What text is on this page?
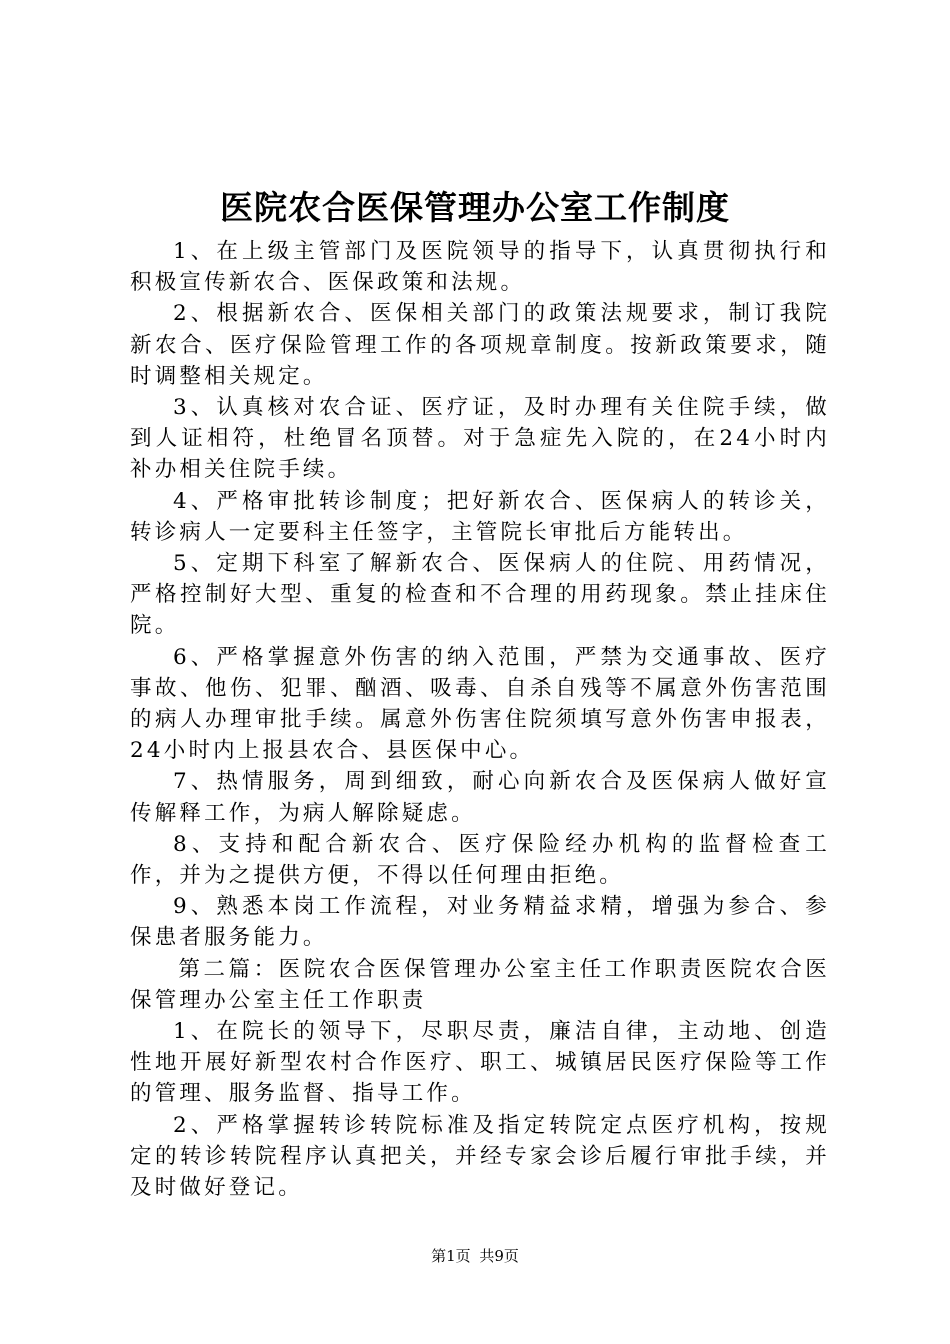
医院农合医保管理办公室工作制度

1、在上级主管部门及医院领导的指导下，认真贯彻执行和积极宣传新农合、医保政策和法规。

2、根据新农合、医保相关部门的政策法规要求，制订我院新农合、医疗保险管理工作的各项规章制度。按新政策要求，随时调整相关规定。

3、认真核对农合证、医疗证，及时办理有关住院手续，做到人证相符，杜绝冒名顶替。对于急症先入院的，在24小时内补办相关住院手续。

4、严格审批转诊制度；把好新农合、医保病人的转诊关，转诊病人一定要科主任签字，主管院长审批后方能转出。

5、定期下科室了解新农合、医保病人的住院、用药情况，严格控制好大型、重复的检查和不合理的用药现象。禁止挂床住院。

6、严格掌握意外伤害的纳入范围，严禁为交通事故、医疗事故、他伤、犯罪、酗酒、吸毒、自杀自残等不属意外伤害范围的病人办理审批手续。属意外伤害住院须填写意外伤害申报表，24小时内上报县农合、县医保中心。

7、热情服务，周到细致，耐心向新农合及医保病人做好宣传解释工作，为病人解除疑虑。

8、支持和配合新农合、医疗保险经办机构的监督检查工作，并为之提供方便，不得以任何理由拒绝。

9、熟悉本岗工作流程，对业务精益求精，增强为参合、参保患者服务能力。

第二篇：医院农合医保管理办公室主任工作职责医院农合医保管理办公室主任工作职责

1、在院长的领导下，尽职尽责，廉洁自律，主动地、创造性地开展好新型农村合作医疗、职工、城镇居民医疗保险等工作的管理、服务监督、指导工作。

2、严格掌握转诊转院标准及指定转院定点医疗机构，按规定的转诊转院程序认真把关，并经专家会诊后履行审批手续，并及时做好登记。

第1页 共9页
